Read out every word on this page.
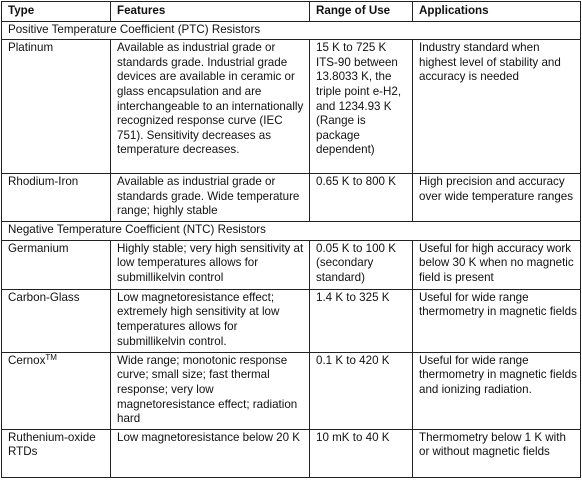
Type	Features	Range of Use	Applications
Positive Temperature Coefficient (PTC) Resistors			
Platinum	Available as industrial grade or standards grade. Industrial grade devices are available in ceramic or glass encapsulation and are interchangeable to an internationally recognized response curve (IEC 751). Sensitivity decreases as temperature decreases.	15 K to 725 K ITS-90 between 13.8033 K, the triple point e-H2, and 1234.93 K (Range is package dependent)	Industry standard when highest level of stability and accuracy is needed
Rhodium-Iron	Available as industrial grade or standards grade. Wide temperature range; highly stable	0.65 K to 800 K	High precision and accuracy over wide temperature ranges
Negative Temperature Coefficient (NTC) Resistors			
Germanium	Highly stable; very high sensitivity at low temperatures allows for submillikelvin control	0.05 K to 100 K (secondary standard)	Useful for high accuracy work below 30 K when no magnetic field is present
Carbon-Glass	Low magnetoresistance effect; extremely high sensitivity at low temperatures allows for submillikelvin control.	1.4 K to 325 K	Useful for wide range thermometry in magnetic fields
Cernox™	Wide range; monotonic response curve; small size; fast thermal response; very low magnetoresistance effect; radiation hard	0.1 K to 420 K	Useful for wide range thermometry in magnetic fields and ionizing radiation.
Ruthenium-oxide RTDs	Low magnetoresistance below 20 K	10 mK to 40 K	Thermometry below 1 K with or without magnetic fields
